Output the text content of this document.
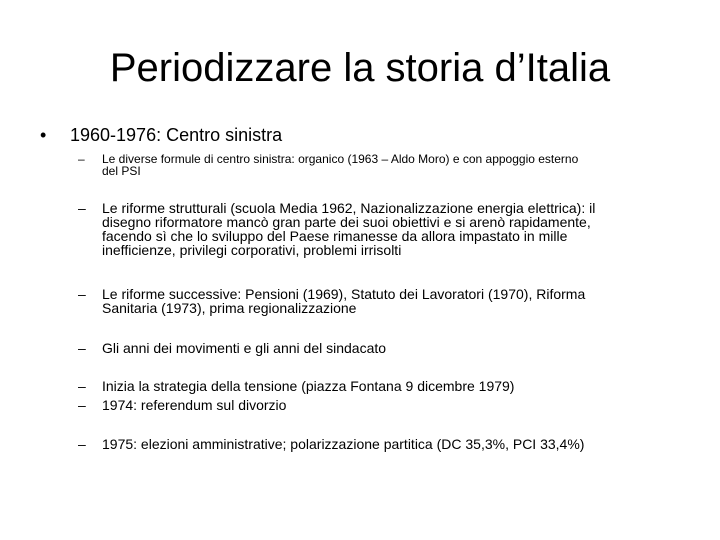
Periodizzare la storia d’Italia
•	1960-1976: Centro sinistra
–	Le diverse formule di centro sinistra: organico (1963 – Aldo Moro) e con appoggio esterno
del PSI
–	Le riforme strutturali (scuola Media 1962, Nazionalizzazione energia elettrica): il
disegno riformatore mancò gran parte dei suoi obiettivi e si arenò rapidamente,
facendo sì che lo sviluppo del Paese rimanesse da allora impastato in mille
inefficienze, privilegi corporativi, problemi irrisolti
–	Le riforme successive: Pensioni (1969), Statuto dei Lavoratori (1970), Riforma
Sanitaria (1973), prima regionalizzazione
–	Gli anni dei movimenti e gli anni del sindacato
–	Inizia la strategia della tensione (piazza Fontana 9 dicembre 1979)
–	1974: referendum sul divorzio
–	1975: elezioni amministrative; polarizzazione partitica (DC 35,3%, PCI 33,4%)
